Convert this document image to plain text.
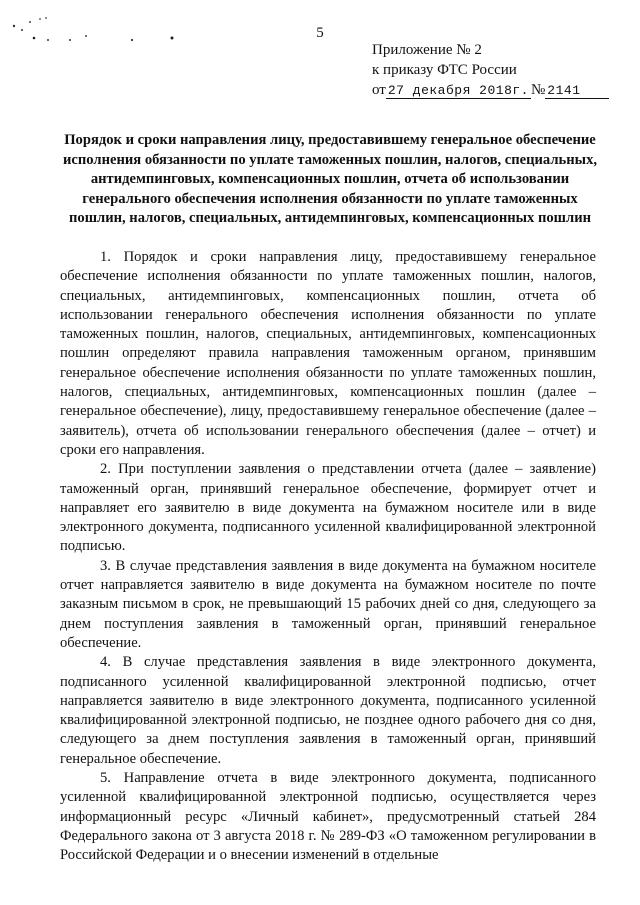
5
Приложение № 2
к приказу ФТС России
от 27 декабря 2018г. № 2141
Порядок и сроки направления лицу, предоставившему генеральное обеспечение исполнения обязанности по уплате таможенных пошлин, налогов, специальных, антидемпинговых, компенсационных пошлин, отчета об использовании генерального обеспечения исполнения обязанности по уплате таможенных пошлин, налогов, специальных, антидемпинговых, компенсационных пошлин

1. Порядок и сроки направления лицу, предоставившему генеральное обеспечение исполнения обязанности по уплате таможенных пошлин, налогов, специальных, антидемпинговых, компенсационных пошлин, отчета об использовании генерального обеспечения исполнения обязанности по уплате таможенных пошлин, налогов, специальных, антидемпинговых, компенсационных пошлин определяют правила направления таможенным органом, принявшим генеральное обеспечение исполнения обязанности по уплате таможенных пошлин, налогов, специальных, антидемпинговых, компенсационных пошлин (далее – генеральное обеспечение), лицу, предоставившему генеральное обеспечение (далее – заявитель), отчета об использовании генерального обеспечения (далее – отчет) и сроки его направления.

2. При поступлении заявления о представлении отчета (далее – заявление) таможенный орган, принявший генеральное обеспечение, формирует отчет и направляет его заявителю в виде документа на бумажном носителе или в виде электронного документа, подписанного усиленной квалифицированной электронной подписью.

3. В случае представления заявления в виде документа на бумажном носителе отчет направляется заявителю в виде документа на бумажном носителе по почте заказным письмом в срок, не превышающий 15 рабочих дней со дня, следующего за днем поступления заявления в таможенный орган, принявший генеральное обеспечение.

4. В случае представления заявления в виде электронного документа, подписанного усиленной квалифицированной электронной подписью, отчет направляется заявителю в виде электронного документа, подписанного усиленной квалифицированной электронной подписью, не позднее одного рабочего дня со дня, следующего за днем поступления заявления в таможенный орган, принявший генеральное обеспечение.

5. Направление отчета в виде электронного документа, подписанного усиленной квалифицированной электронной подписью, осуществляется через информационный ресурс «Личный кабинет», предусмотренный статьей 284 Федерального закона от 3 августа 2018 г. № 289-ФЗ «О таможенном регулировании в Российской Федерации и о внесении изменений в отдельные
